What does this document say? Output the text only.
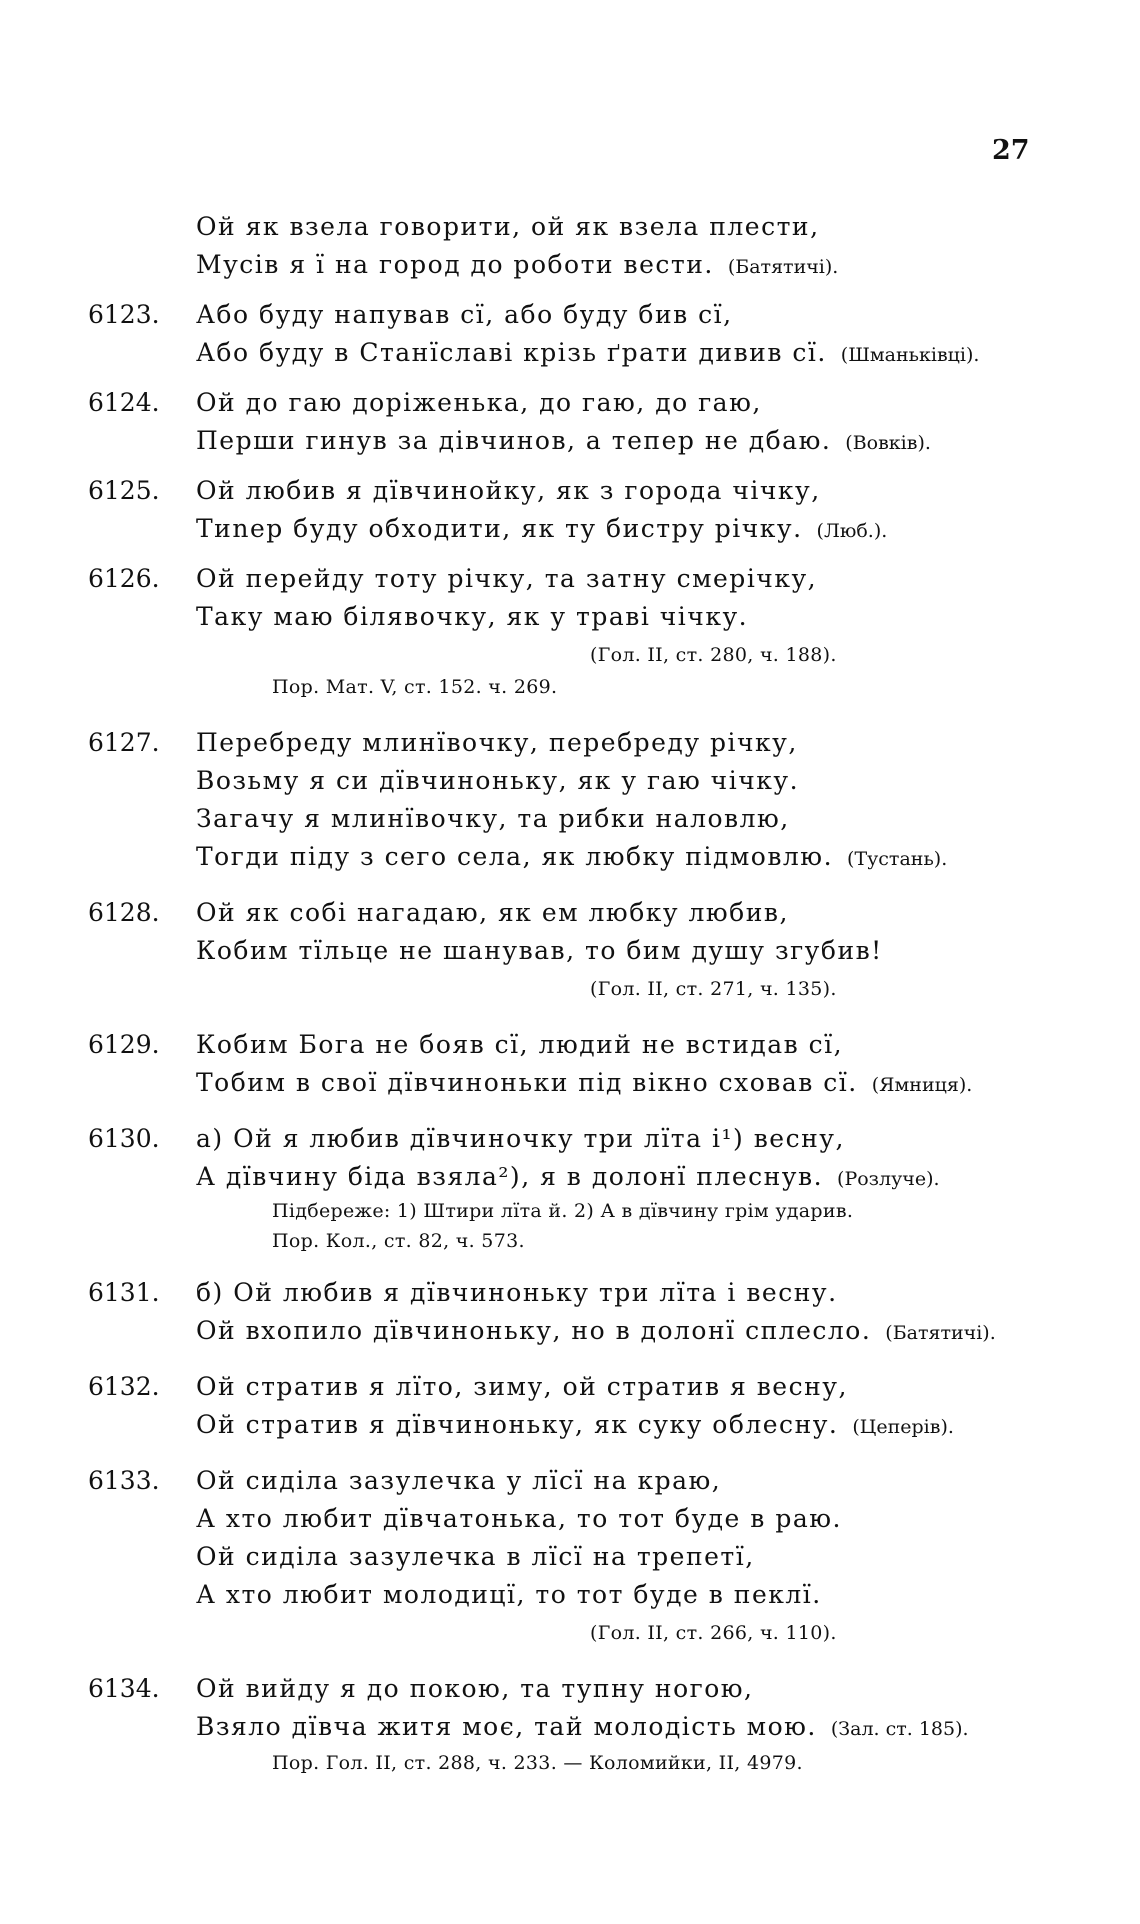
27
Ой як взела говорити, ой як взела плести,
Мусів я ї на город до роботи вести. (Батятичі).
6123. Або буду напував сї, або буду бив сї,
Або буду в Станїславі крізь ґрати дивив сї. (Шманьківці).
6124. Ой до гаю доріженька, до гаю, до гаю,
Перши гинув за дівчинов, а тепер не дбаю. (Вовків).
6125. Ой любив я дївчинойку, як з города чічку,
Тиnер буду обходити, як ту бистру річку. (Люб.).
6126. Ой перейду тоту річку, та затну смерічку,
Таку маю білявочку, як у траві чічку.
(Гол. II, ст. 280, ч. 188).
Пор. Мат. V, ст. 152. ч. 269.
6127. Перебреду млинївочку, перебреду річку,
Возьму я си дївчиноньку, як у гаю чічку.
Загачу я млинївочку, та рибки наловлю,
Тогди піду з сего села, як любку підмовлю. (Тустань).
6128. Ой як собі нагадаю, як ем любку любив,
Кобим тїльце не шанував, то бим душу згубив!
(Гол. II, ст. 271, ч. 135).
6129. Кобим Бога не бояв сї, людий не встидав сї,
Тобим в свої дївчиноньки під вікно сховав сї. (Ямниця).
6130. а) Ой я любив дївчиночку три лїта і¹) весну,
А дївчину біда взяла²), я в долонї плеснув. (Розлуче).
Підбереже: 1) Штири лїта й. 2) А в дївчину грім ударив.
Пор. Кол., ст. 82, ч. 573.
6131. б) Ой любив я дївчиноньку три лїта і весну.
Ой вхопило дївчиноньку, но в долонї сплесло. (Батятичі).
6132. Ой стратив я лїто, зиму, ой стратив я весну,
Ой стратив я дївчиноньку, як суку облесну. (Цеперів).
6133. Ой сиділа зазулечка у лїсї на краю,
А хто любит дївчатонька, то тот буде в раю.
Ой сиділа зазулечка в лїсї на трепетї,
А хто любит молодицї, то тот буде в пеклї.
(Гол. II, ст. 266, ч. 110).
6134. Ой вийду я до покою, та тупну ногою,
Взяло дївча житя моє, тай молодість мою. (Зал. ст. 185).
Пор. Гол. II, ст. 288, ч. 233. — Коломийки, II, 4979.
